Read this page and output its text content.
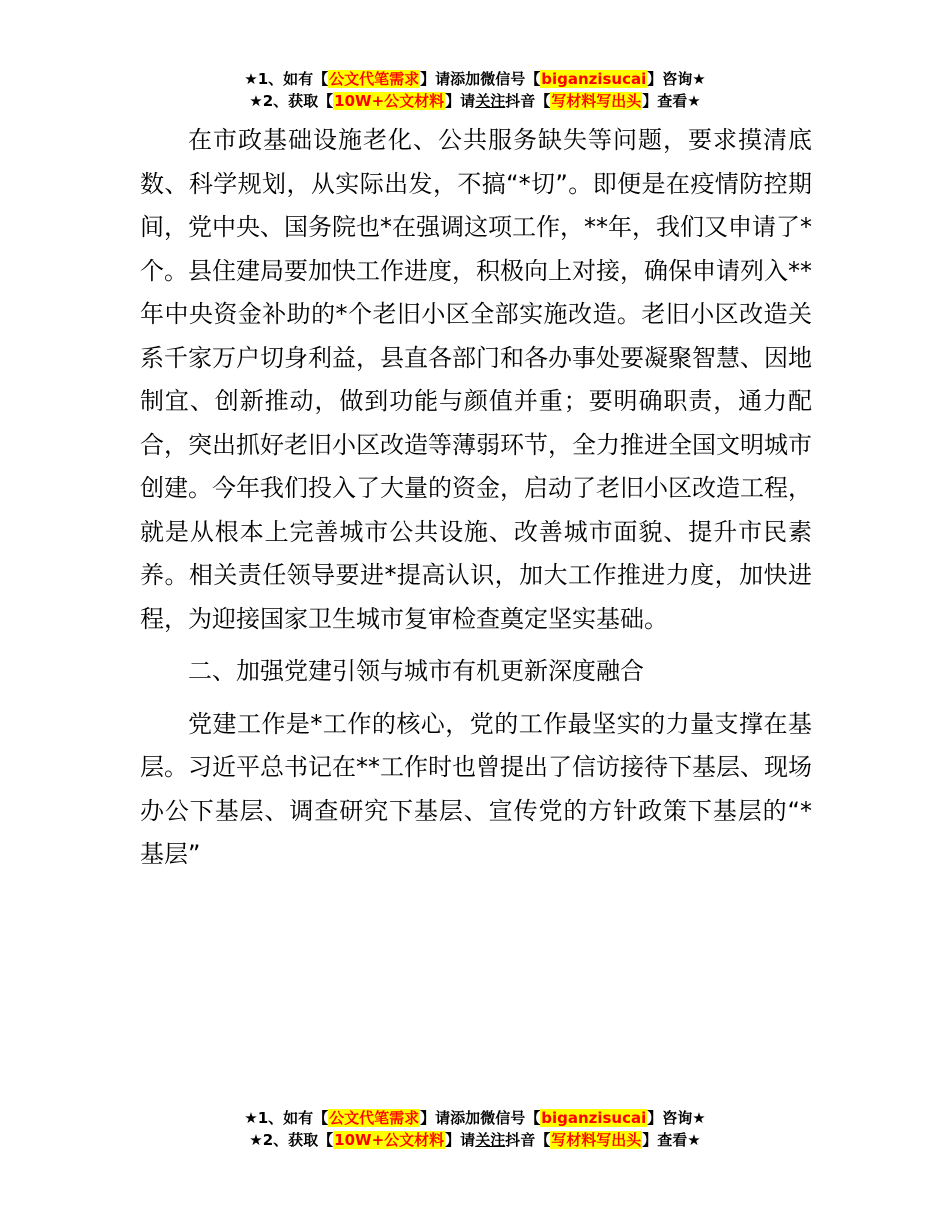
★1、如有【公文代笔需求】请添加微信号【biganzisucai】咨询★
★2、获取【10W+公文材料】请关注抖音【写材料写出头】查看★

在市政基础设施老化、公共服务缺失等问题，要求摸清底数、科学规划，从实际出发，不搞“*切”。即便是在疫情防控期间，党中央、国务院也*在强调这项工作，**年，我们又申请了*个。县住建局要加快工作进度，积极向上对接，确保申请列入**年中央资金补助的*个老旧小区全部实施改造。老旧小区改造关系千家万户切身利益，县直各部门和各办事处要凝聚智慧、因地制宜、创新推动，做到功能与颜值并重；要明确职责，通力配合，突出抓好老旧小区改造等薄弱环节，全力推进全国文明城市创建。今年我们投入了大量的资金，启动了老旧小区改造工程，就是从根本上完善城市公共设施、改善城市面貌、提升市民素养。相关责任领导要进*提高认识，加大工作推进力度，加快进程，为迎接国家卫生城市复审检查奠定坚实基础。

二、加强党建引领与城市有机更新深度融合

党建工作是*工作的核心，党的工作最坚实的力量支撑在基层。习近平总书记在**工作时也曾提出了信访接待下基层、现场办公下基层、调查研究下基层、宣传党的方针政策下基层的“*基层”

★1、如有【公文代笔需求】请添加微信号【biganzisucai】咨询★
★2、获取【10W+公文材料】请关注抖音【写材料写出头】查看★
